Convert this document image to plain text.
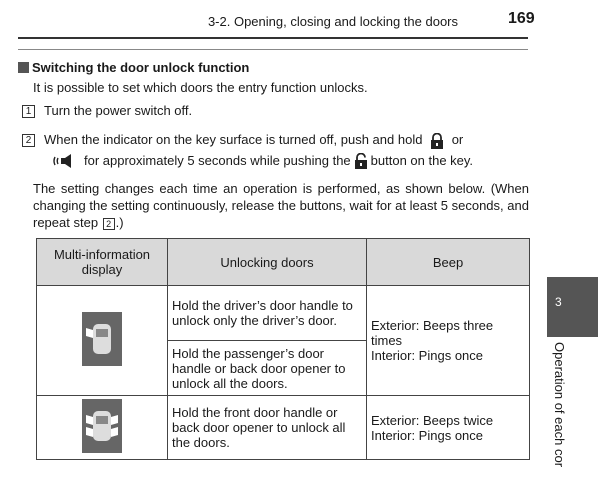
3-2. Opening, closing and locking the doors	169
Switching the door unlock function
It is possible to set which doors the entry function unlocks.
1 Turn the power switch off.
2 When the indicator on the key surface is turned off, push and hold or
for approximately 5 seconds while pushing the button on the key.
The setting changes each time an operation is performed, as shown below. (When changing the setting continuously, release the buttons, wait for at least 5 seconds, and repeat step 2 .)
Multi-information display	Unlocking doors	Beep
	Hold the driver’s door handle to unlock only the driver’s door.	Exterior: Beeps three times
Interior: Pings once

	Hold the passenger’s door handle or back door opener to unlock all the doors.	
	Hold the front door handle or back door opener to unlock all the doors.	Exterior: Beeps twice
Interior: Pings once
3
Operation of each cor
